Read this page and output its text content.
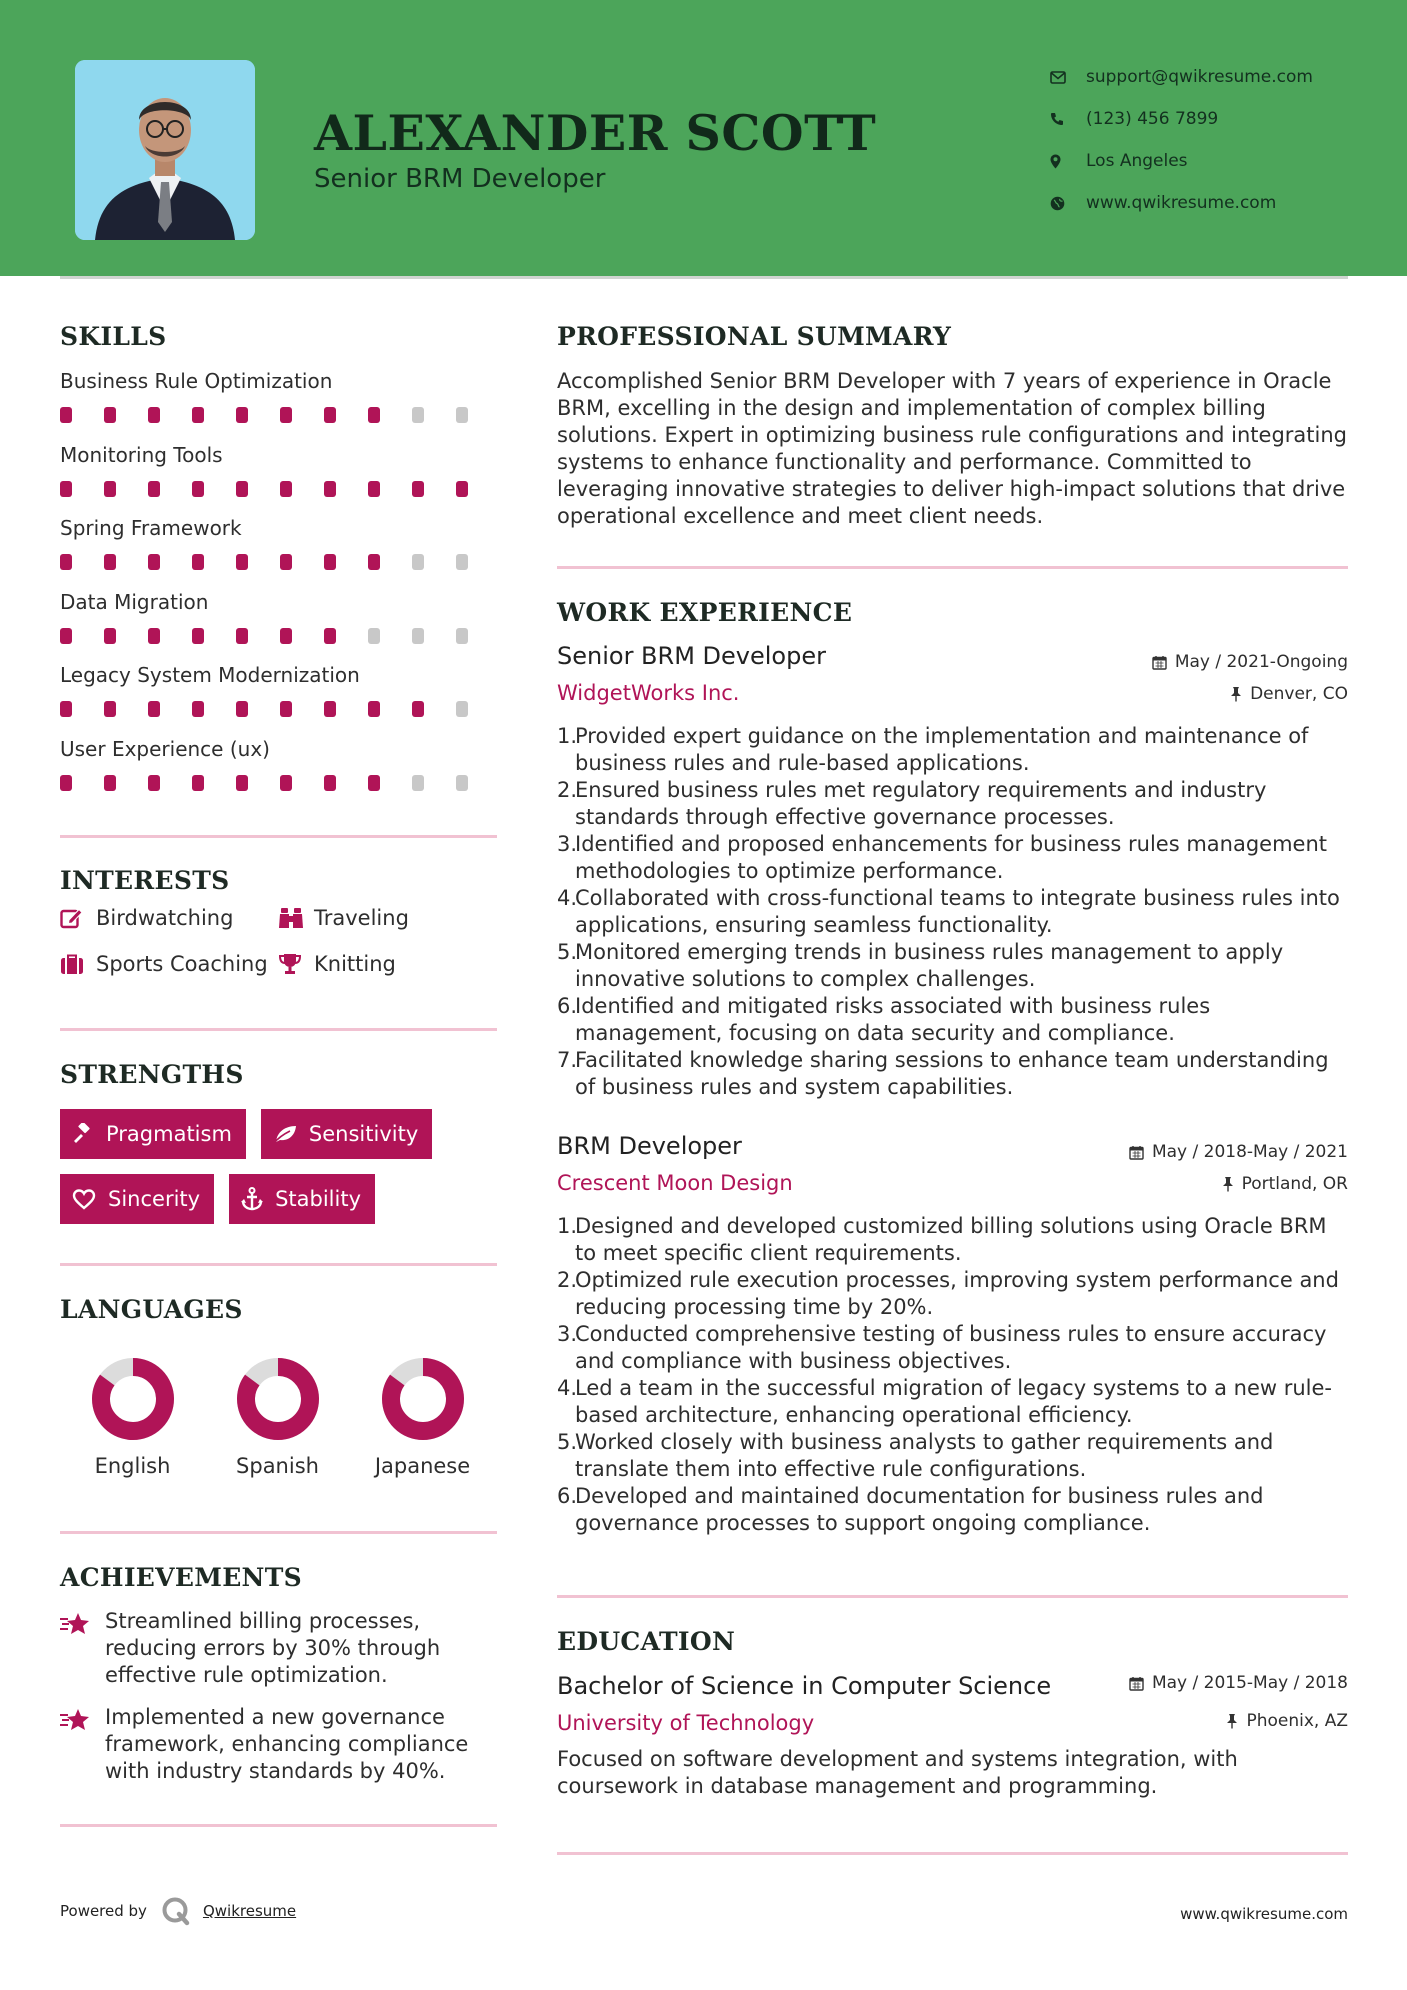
ALEXANDER SCOTT
Senior BRM Developer
support@qwikresume.com
(123) 456 7899
Los Angeles
www.qwikresume.com
SKILLS
Business Rule Optimization
Monitoring Tools
Spring Framework
Data Migration
Legacy System Modernization
User Experience (ux)
INTERESTS
Birdwatching	Traveling
Sports Coaching Knitting
STRENGTHS
Pragmatism	Sensitivity
Sincerity	Stability
LANGUAGES
English	Spanish	Japanese
ACHIEVEMENTS
Streamlined billing processes, reducing errors by 30% through effective rule optimization.
Implemented a new governance framework, enhancing compliance with industry standards by 40%.
PROFESSIONAL SUMMARY
Accomplished Senior BRM Developer with 7 years of experience in Oracle BRM, excelling in the design and implementation of complex billing solutions. Expert in optimizing business rule configurations and integrating systems to enhance functionality and performance. Committed to leveraging innovative strategies to deliver high-impact solutions that drive operational excellence and meet client needs.
WORK EXPERIENCE
Senior BRM Developer
WidgetWorks Inc.
May / 2021-Ongoing
Denver, CO
1.
Provided expert guidance on the implementation and maintenance of business rules and rule-based applications.
2.
Ensured business rules met regulatory requirements and industry standards through effective governance processes.
3.
Identified and proposed enhancements for business rules management methodologies to optimize performance.
4.
Collaborated with cross-functional teams to integrate business rules into applications, ensuring seamless functionality.
5.
Monitored emerging trends in business rules management to apply innovative solutions to complex challenges.
6.
Identified and mitigated risks associated with business rules management, focusing on data security and compliance.
7.
Facilitated knowledge sharing sessions to enhance team understanding of business rules and system capabilities.
BRM Developer
Crescent Moon Design
May / 2018-May / 2021
Portland, OR
1.
Designed and developed customized billing solutions using Oracle BRM to meet specific client requirements.
2.
Optimized rule execution processes, improving system performance and reducing processing time by 20%.
3.
Conducted comprehensive testing of business rules to ensure accuracy and compliance with business objectives.
4.
Led a team in the successful migration of legacy systems to a new rule-based architecture, enhancing operational efficiency.
5.
Worked closely with business analysts to gather requirements and translate them into effective rule configurations.
6.
Developed and maintained documentation for business rules and governance processes to support ongoing compliance.
EDUCATION
Bachelor of Science in Computer Science
University of Technology
May / 2015-May / 2018
Phoenix, AZ
Focused on software development and systems integration, with coursework in database management and programming.
Powered by	Qwikresume	www.qwikresume.com
